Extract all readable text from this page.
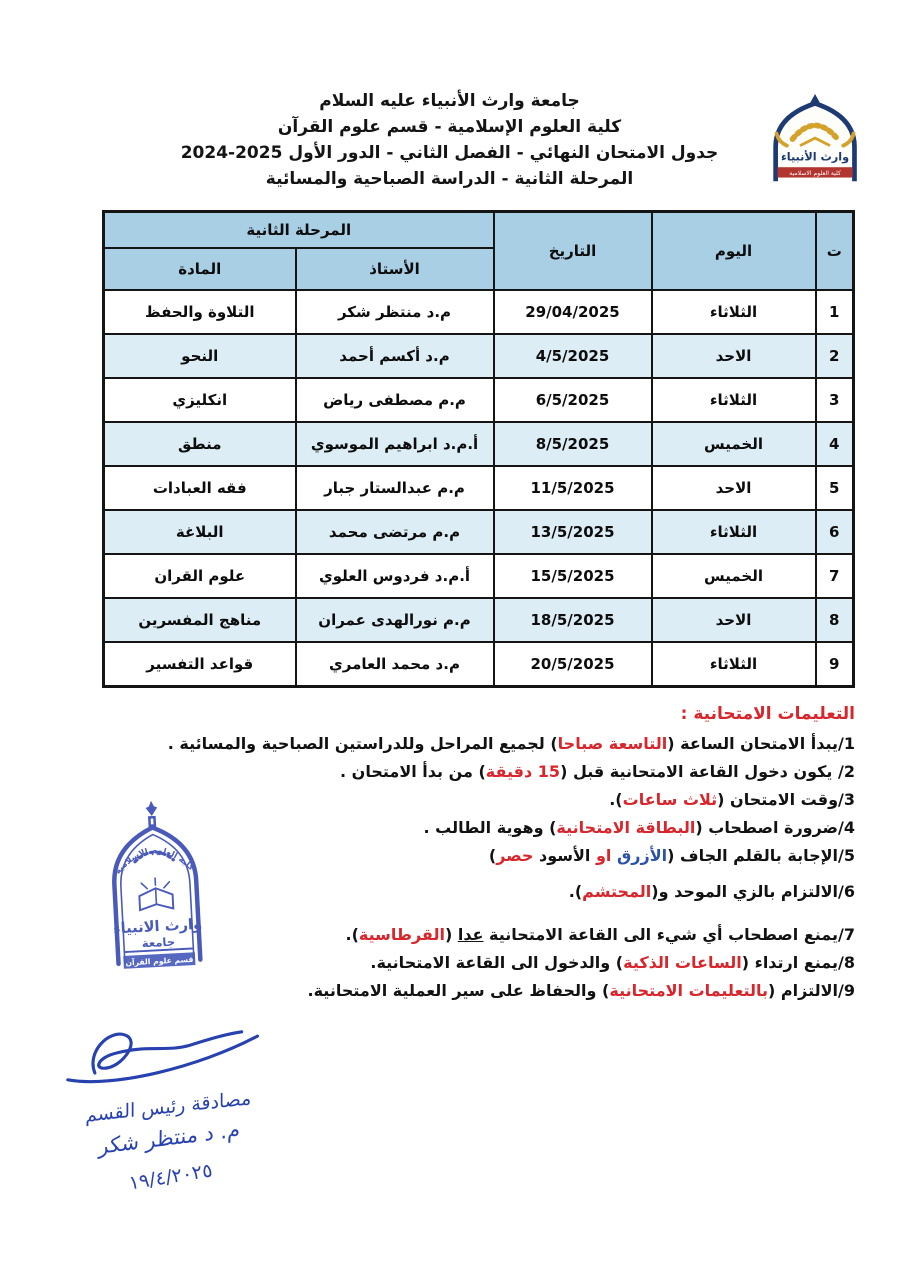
جامعة وارث الأنبياء عليه السلام
كلية العلوم الإسلامية - قسم علوم القرآن
جدول الامتحان النهائي - الفصل الثاني - الدور الأول 2025-2024
المرحلة الثانية - الدراسة الصباحية والمسائية
وارث الأنبياء
كلية العلوم الاسلامية
ت	اليوم	التاريخ	المرحلة الثانية	
			الأستاذ	المادة
1	الثلاثاء	29/04/2025	م.د منتظر شكر	التلاوة والحفظ
2	الاحد	4/5/2025	م.د أكسم أحمد	النحو
3	الثلاثاء	6/5/2025	م.م مصطفى رياض	انكليزي
4	الخميس	8/5/2025	أ.م.د ابراهيم الموسوي	منطق
5	الاحد	11/5/2025	م.م عبدالستار جبار	فقه العبادات
6	الثلاثاء	13/5/2025	م.م مرتضى محمد	البلاغة
7	الخميس	15/5/2025	أ.م.د فردوس العلوي	علوم القران
8	الاحد	18/5/2025	م.م نورالهدى عمران	مناهج المفسرين
9	الثلاثاء	20/5/2025	م.د محمد العامري	قواعد التفسير
التعليمات الامتحانية :
1/يبدأ الامتحان الساعة (التاسعة صباحا) لجميع المراحل وللدراستين الصباحية والمسائية .
2/ يكون دخول القاعة الامتحانية قبل (15 دقيقة) من بدأ الامتحان .
3/وقت الامتحان (ثلاث ساعات).
4/ضرورة اصطحاب (البطاقة الامتحانية) وهوية الطالب .
5/الإجابة بالقلم الجاف (الأزرق او الأسود حصر)
6/الالتزام بالزي الموحد و(المحتشم).
7/يمنع اصطحاب أي شيء الى القاعة الامتحانية عدا (القرطاسية).
8/يمنع ارتداء (الساعات الذكية) والدخول الى القاعة الامتحانية.
9/الالتزام (بالتعليمات الامتحانية) والحفاظ على سير العملية الامتحانية.
كلية العلوم الاسلامية
وارث الانبياء
جامعة
قسم علوم القرآن
مصادقة رئيس القسم
م. د منتظر شكر
١٩/٤/٢٠٢٥
